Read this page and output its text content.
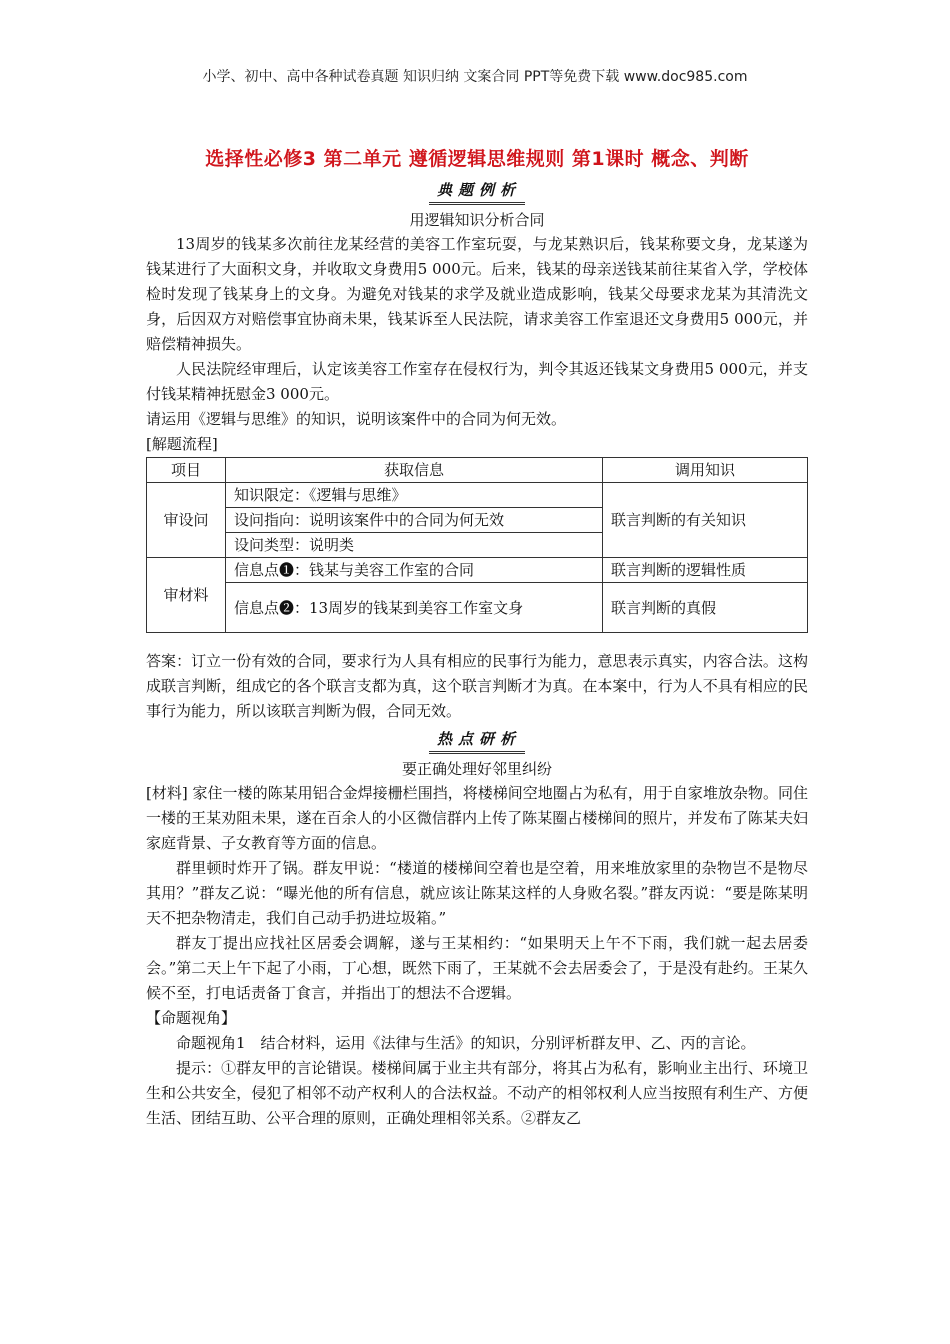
小学、初中、高中各种试卷真题 知识归纳 文案合同 PPT等免费下载 www.doc985.com
选择性必修3 第二单元 遵循逻辑思维规则 第1课时 概念、判断
典题例析
用逻辑知识分析合同

13周岁的钱某多次前往龙某经营的美容工作室玩耍，与龙某熟识后，钱某称要文身，龙某遂为钱某进行了大面积文身，并收取文身费用5 000元。后来，钱某的母亲送钱某前往某省入学，学校体检时发现了钱某身上的文身。为避免对钱某的求学及就业造成影响，钱某父母要求龙某为其清洗文身，后因双方对赔偿事宜协商未果，钱某诉至人民法院，请求美容工作室退还文身费用5 000元，并赔偿精神损失。

人民法院经审理后，认定该美容工作室存在侵权行为，判令其返还钱某文身费用5 000元，并支付钱某精神抚慰金3 000元。

请运用《逻辑与思维》的知识，说明该案件中的合同为何无效。

[解题流程]

项目	获取信息	调用知识
审设问	知识限定：《逻辑与思维》	联言判断的有关知识
	设问指向：说明该案件中的合同为何无效	
	设问类型：说明类	
审材料	信息点❶：钱某与美容工作室的合同	联言判断的逻辑性质
	信息点❷：13周岁的钱某到美容工作室文身	联言判断的真假

答案：订立一份有效的合同，要求行为人具有相应的民事行为能力，意思表示真实，内容合法。这构成联言判断，组成它的各个联言支都为真，这个联言判断才为真。在本案中，行为人不具有相应的民事行为能力，所以该联言判断为假，合同无效。

热点研析
要正确处理好邻里纠纷

[材料] 家住一楼的陈某用铝合金焊接栅栏围挡，将楼梯间空地圈占为私有，用于自家堆放杂物。同住一楼的王某劝阻未果，遂在百余人的小区微信群内上传了陈某圈占楼梯间的照片，并发布了陈某夫妇家庭背景、子女教育等方面的信息。

群里顿时炸开了锅。群友甲说：“楼道的楼梯间空着也是空着，用来堆放家里的杂物岂不是物尽其用？”群友乙说：“曝光他的所有信息，就应该让陈某这样的人身败名裂。”群友丙说：“要是陈某明天不把杂物清走，我们自己动手扔进垃圾箱。”

群友丁提出应找社区居委会调解，遂与王某相约：“如果明天上午不下雨，我们就一起去居委会。”第二天上午下起了小雨，丁心想，既然下雨了，王某就不会去居委会了，于是没有赴约。王某久候不至，打电话责备丁食言，并指出丁的想法不合逻辑。

【命题视角】

命题视角1　结合材料，运用《法律与生活》的知识，分别评析群友甲、乙、丙的言论。

提示：①群友甲的言论错误。楼梯间属于业主共有部分，将其占为私有，影响业主出行、环境卫生和公共安全，侵犯了相邻不动产权利人的合法权益。不动产的相邻权利人应当按照有利生产、方便生活、团结互助、公平合理的原则，正确处理相邻关系。②群友乙
